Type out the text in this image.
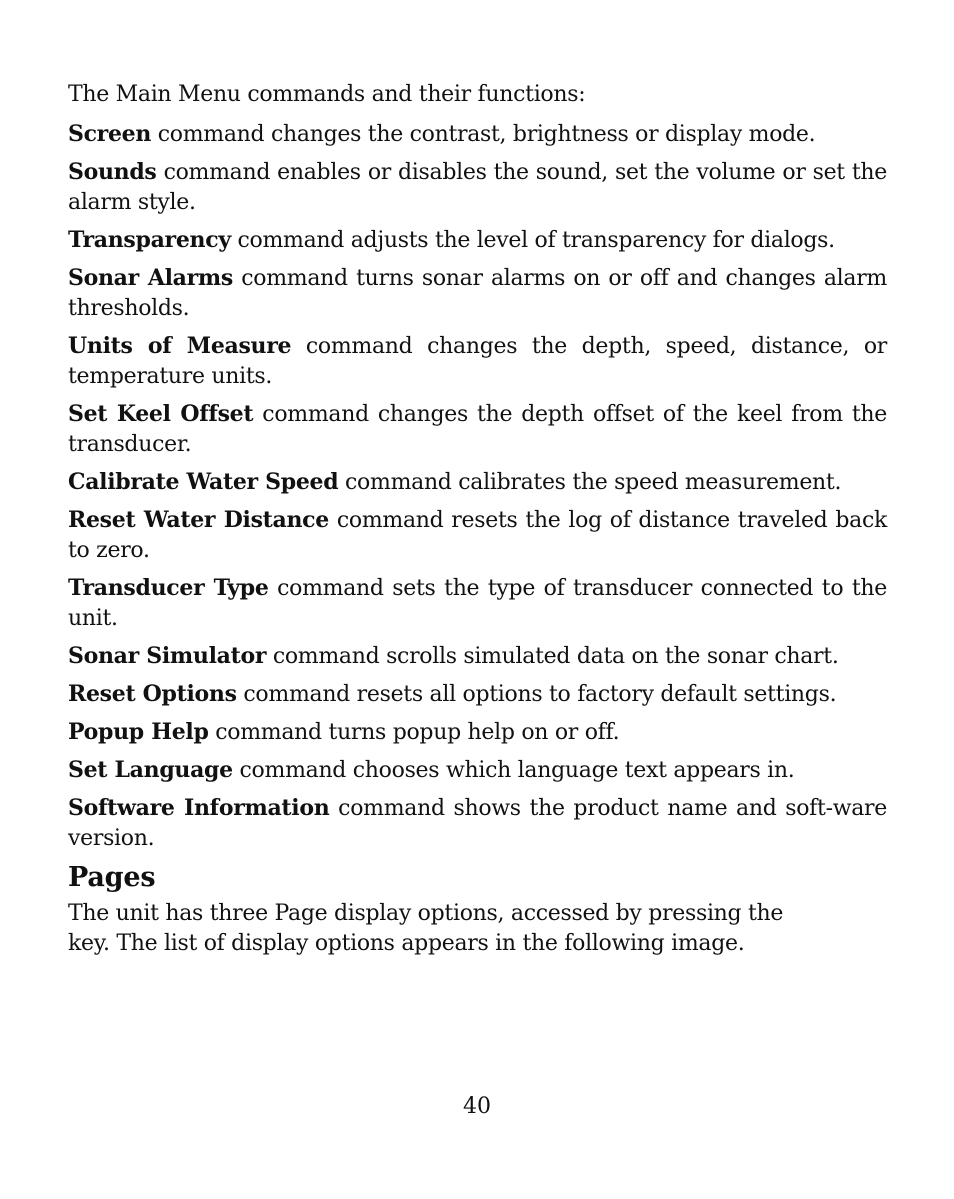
The Main Menu commands and their functions:

Screen command changes the contrast, brightness or display mode.

Sounds command enables or disables the sound, set the volume or set the alarm style.

Transparency command adjusts the level of transparency for dialogs.

Sonar Alarms command turns sonar alarms on or off and changes alarm thresholds.

Units of Measure command changes the depth, speed, distance, or temperature units.

Set Keel Offset command changes the depth offset of the keel from the transducer.

Calibrate Water Speed command calibrates the speed measurement.

Reset Water Distance command resets the log of distance traveled back to zero.

Transducer Type command sets the type of transducer connected to the unit.

Sonar Simulator command scrolls simulated data on the sonar chart.

Reset Options command resets all options to factory default settings.

Popup Help command turns popup help on or off.

Set Language command chooses which language text appears in.

Software Information command shows the product name and soft-ware version.

Pages

The unit has three Page display options, accessed by pressing the key. The list of display options appears in the following image.

40
